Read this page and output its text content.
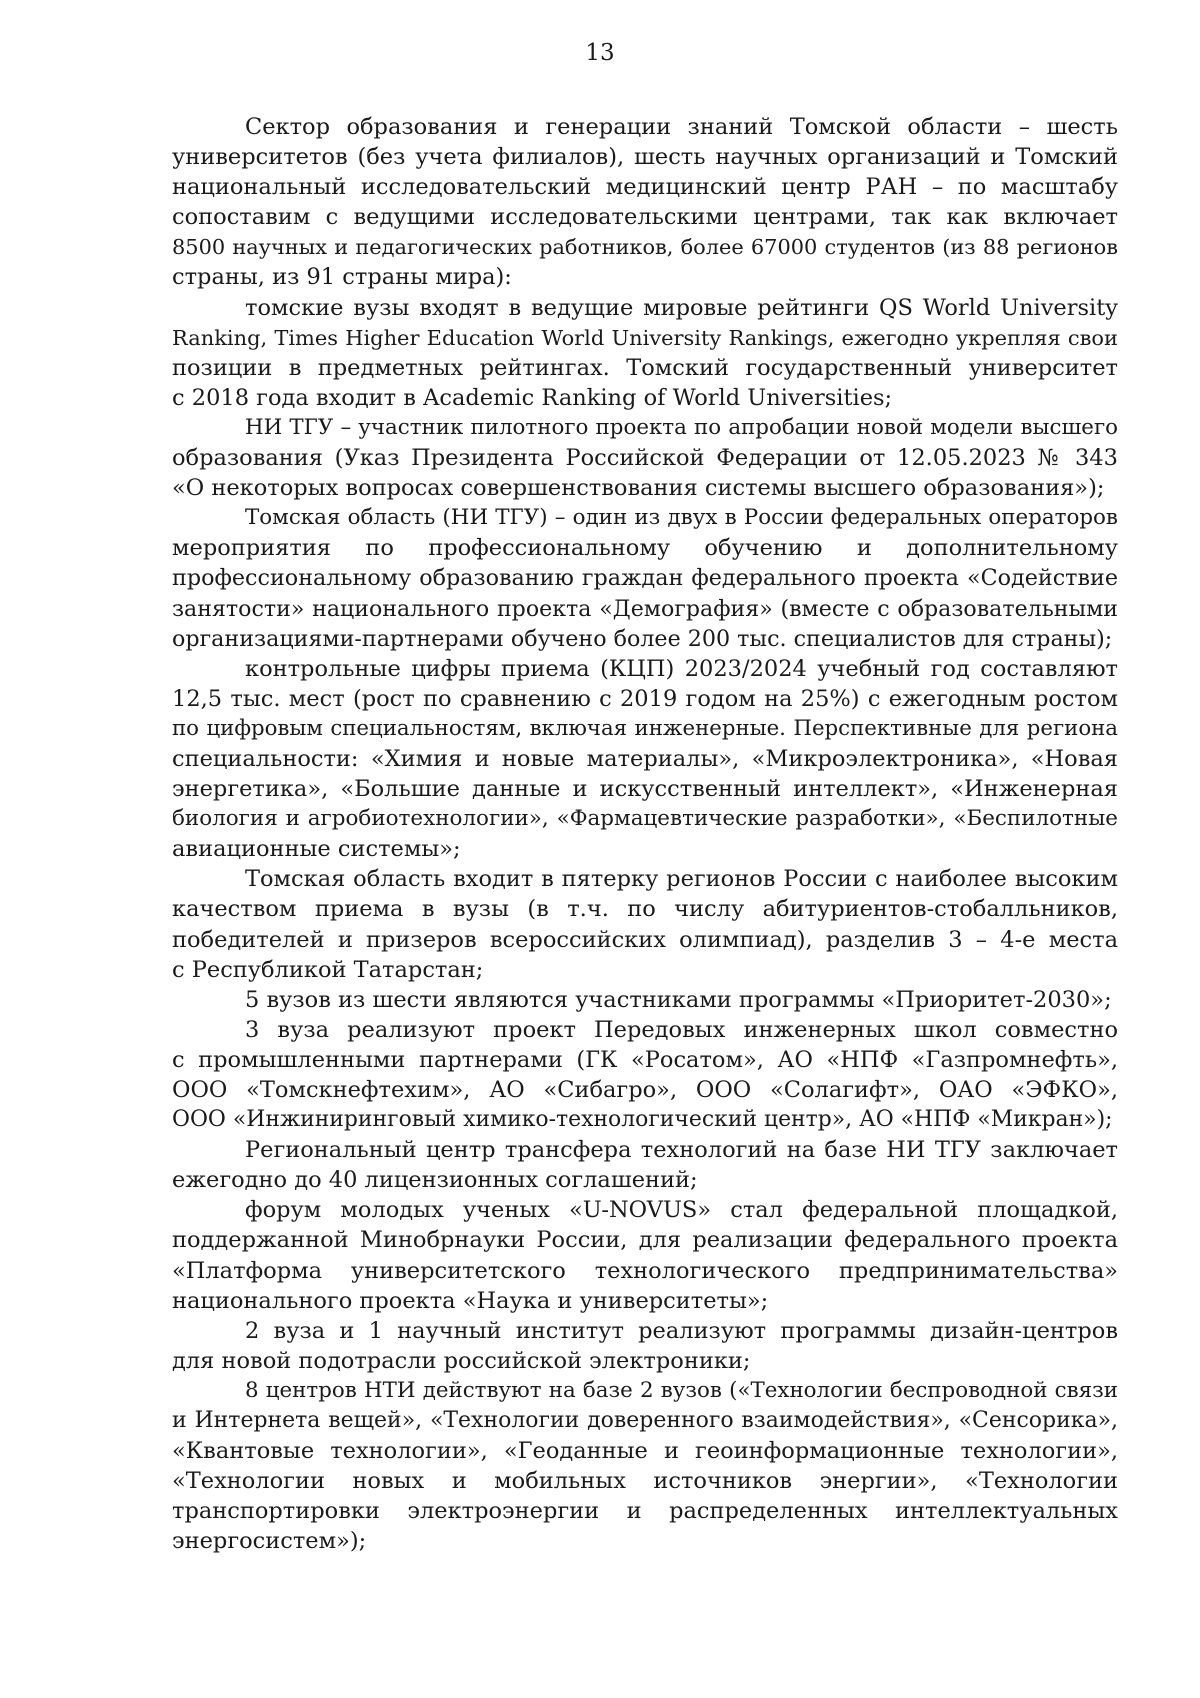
13
Сектор образования и генерации знаний Томской области – шесть
университетов (без учета филиалов), шесть научных организаций и Томский
национальный исследовательский медицинский центр РАН – по масштабу
сопоставим с ведущими исследовательскими центрами, так как включает
8500 научных и педагогических работников, более 67000 студентов (из 88 регионов
страны, из 91 страны мира):
томские вузы входят в ведущие мировые рейтинги QS World University
Ranking, Times Higher Education World University Rankings, ежегодно укрепляя свои
позиции в предметных рейтингах. Томский государственный университет
с 2018 года входит в Academic Ranking of World Universities;
НИ ТГУ – участник пилотного проекта по апробации новой модели высшего
образования (Указ Президента Российской Федерации от 12.05.2023 № 343
«О некоторых вопросах совершенствования системы высшего образования»);
Томская область (НИ ТГУ) – один из двух в России федеральных операторов
мероприятия по профессиональному обучению и дополнительному
профессиональному образованию граждан федерального проекта «Содействие
занятости» национального проекта «Демография» (вместе с образовательными
организациями-партнерами обучено более 200 тыс. специалистов для страны);
контрольные цифры приема (КЦП) 2023/2024 учебный год составляют
12,5 тыс. мест (рост по сравнению с 2019 годом на 25%) с ежегодным ростом
по цифровым специальностям, включая инженерные. Перспективные для региона
специальности: «Химия и новые материалы», «Микроэлектроника», «Новая
энергетика», «Большие данные и искусственный интеллект», «Инженерная
биология и агробиотехнологии», «Фармацевтические разработки», «Беспилотные
авиационные системы»;
Томская область входит в пятерку регионов России с наиболее высоким
качеством приема в вузы (в т.ч. по числу абитуриентов-стобалльников,
победителей и призеров всероссийских олимпиад), разделив 3 – 4-е места
с Республикой Татарстан;
5 вузов из шести являются участниками программы «Приоритет-2030»;
3 вуза реализуют проект Передовых инженерных школ совместно
с промышленными партнерами (ГК «Росатом», АО «НПФ «Газпромнефть»,
ООО «Томскнефтехим», АО «Сибагро», ООО «Солагифт», ОАО «ЭФКО»,
ООО «Инжиниринговый химико-технологический центр», АО «НПФ «Микран»);
Региональный центр трансфера технологий на базе НИ ТГУ заключает
ежегодно до 40 лицензионных соглашений;
форум молодых ученых «U-NOVUS» стал федеральной площадкой,
поддержанной Минобрнауки России, для реализации федерального проекта
«Платформа университетского технологического предпринимательства»
национального проекта «Наука и университеты»;
2 вуза и 1 научный институт реализуют программы дизайн-центров
для новой подотрасли российской электроники;
8 центров НТИ действуют на базе 2 вузов («Технологии беспроводной связи
и Интернета вещей», «Технологии доверенного взаимодействия», «Сенсорика»,
«Квантовые технологии», «Геоданные и геоинформационные технологии»,
«Технологии новых и мобильных источников энергии», «Технологии
транспортировки электроэнергии и распределенных интеллектуальных
энергосистем»);
